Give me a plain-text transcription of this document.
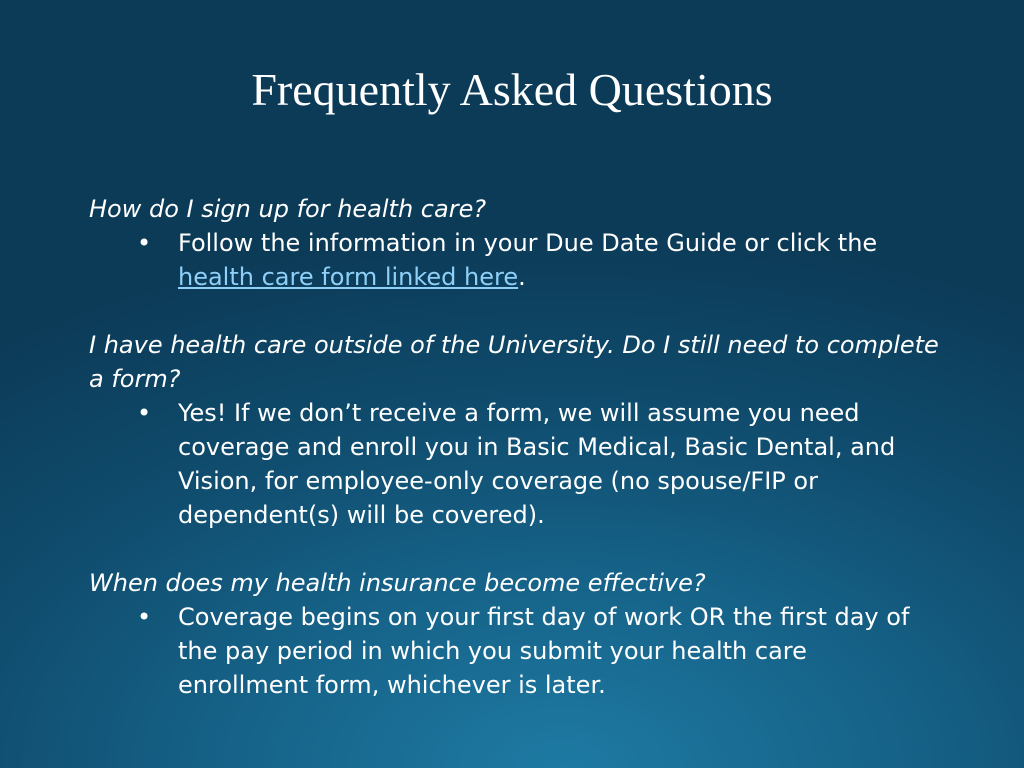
Frequently Asked Questions

How do I sign up for health care?

• Follow the information in your Due Date Guide or click the health care form linked here.

I have health care outside of the University. Do I still need to complete a form?

• Yes! If we don’t receive a form, we will assume you need coverage and enroll you in Basic Medical, Basic Dental, and Vision, for employee-only coverage (no spouse/FIP or dependent(s) will be covered).

When does my health insurance become effective?

• Coverage begins on your first day of work OR the first day of the pay period in which you submit your health care enrollment form, whichever is later.
